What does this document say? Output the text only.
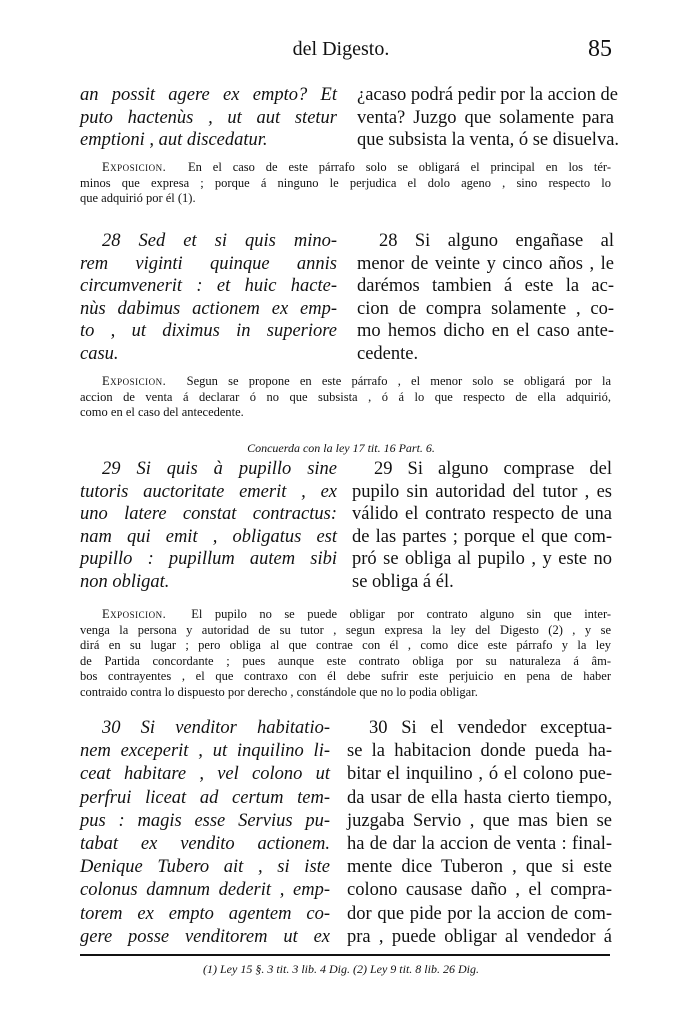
del Digesto.	85
an possit agere ex empto? Et
puto hactenùs , ut aut stetur
emptioni , aut discedatur.
¿acaso podrá pedir por la accion de
venta? Juzgo que solamente para
que subsista la venta, ó se disuelva.
Exposicion. En el caso de este párrafo solo se obligará el principal en los tér-
minos que expresa ; porque á ninguno le perjudica el dolo ageno , sino respecto lo
que adquirió por él (1).
28 Sed et si quis mino-
rem viginti quinque annis
circumvenerit : et huic hacte-
nùs dabimus actionem ex emp-
to , ut diximus in superiore
casu.
28 Si alguno engañase al
menor de veinte y cinco años , le
darémos tambien á este la ac-
cion de compra solamente , co-
mo hemos dicho en el caso ante-
cedente.
Exposicion. Segun se propone en este párrafo , el menor solo se obligará por la
accion de venta á declarar ó no que subsista , ó á lo que respecto de ella adquirió,
como en el caso del antecedente.
Concuerda con la ley 17 tit. 16 Part. 6.
29 Si quis à pupillo sine
tutoris auctoritate emerit , ex
uno latere constat contractus:
nam qui emit , obligatus est
pupillo : pupillum autem sibi
non obligat.
29 Si alguno comprase del
pupilo sin autoridad del tutor , es
válido el contrato respecto de una
de las partes ; porque el que com-
pró se obliga al pupilo , y este no
se obliga á él.
Exposicion. El pupilo no se puede obligar por contrato alguno sin que inter-
venga la persona y autoridad de su tutor , segun expresa la ley del Digesto (2) , y se
dirá en su lugar ; pero obliga al que contrae con él , como dice este párrafo y la ley
de Partida concordante ; pues aunque este contrato obliga por su naturaleza á âm-
bos contrayentes , el que contraxo con él debe sufrir este perjuicio en pena de haber
contraido contra lo dispuesto por derecho , constándole que no lo podia obligar.
30 Si venditor habitatio-
nem exceperit , ut inquilino li-
ceat habitare , vel colono ut
perfrui liceat ad certum tem-
pus : magis esse Servius pu-
tabat ex vendito actionem.
Denique Tubero ait , si iste
colonus damnum dederit , emp-
torem ex empto agentem co-
gere posse venditorem ut ex
30 Si el vendedor exceptua-
se la habitacion donde pueda ha-
bitar el inquilino , ó el colono pue-
da usar de ella hasta cierto tiempo,
juzgaba Servio , que mas bien se
ha de dar la accion de venta : final-
mente dice Tuberon , que si este
colono causase daño , el compra-
dor que pide por la accion de com-
pra , puede obligar al vendedor á
(1) Ley 15 §. 3 tit. 3 lib. 4 Dig. (2) Ley 9 tit. 8 lib. 26 Dig.
